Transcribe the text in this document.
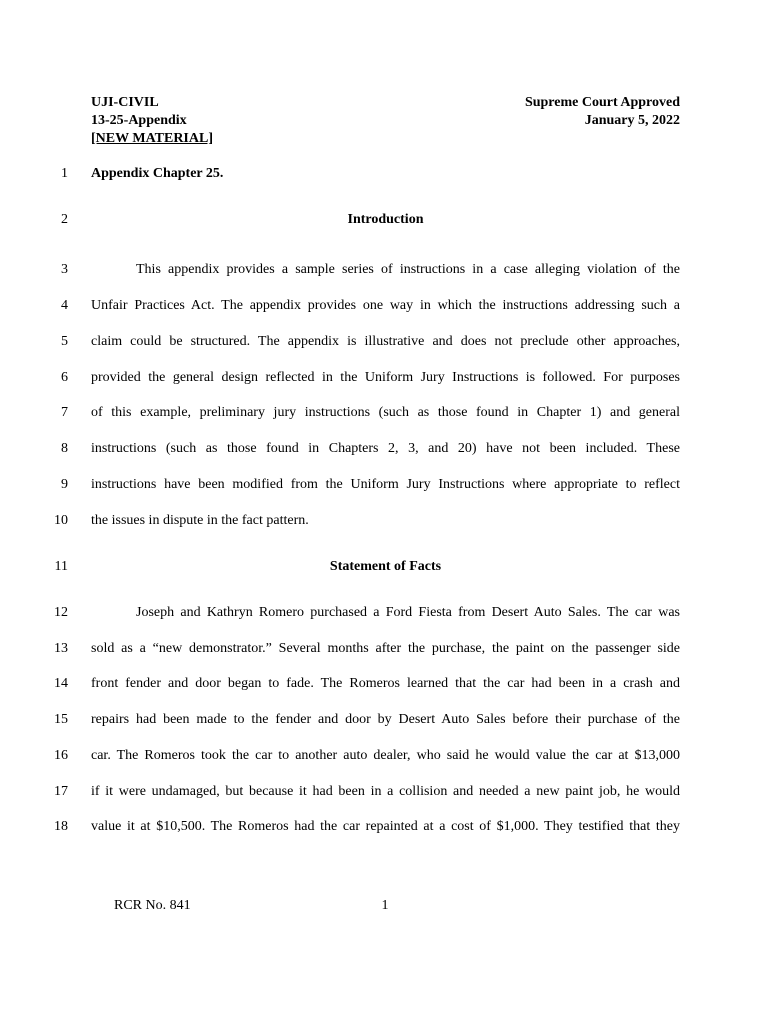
UJI-CIVIL
13-25-Appendix
[NEW MATERIAL]
Supreme Court Approved
January 5, 2022
1 Appendix Chapter 25.
2	Introduction
3	This appendix provides a sample series of instructions in a case alleging violation of the
4 Unfair Practices Act. The appendix provides one way in which the instructions addressing such a
5 claim could be structured. The appendix is illustrative and does not preclude other approaches,
6 provided the general design reflected in the Uniform Jury Instructions is followed. For purposes
7 of this example, preliminary jury instructions (such as those found in Chapter 1) and general
8 instructions (such as those found in Chapters 2, 3, and 20) have not been included. These
9 instructions have been modified from the Uniform Jury Instructions where appropriate to reflect
10 the issues in dispute in the fact pattern.
11	Statement of Facts
12	Joseph and Kathryn Romero purchased a Ford Fiesta from Desert Auto Sales. The car was
13 sold as a “new demonstrator.” Several months after the purchase, the paint on the passenger side
14 front fender and door began to fade. The Romeros learned that the car had been in a crash and
15 repairs had been made to the fender and door by Desert Auto Sales before their purchase of the
16 car. The Romeros took the car to another auto dealer, who said he would value the car at $13,000
17 if it were undamaged, but because it had been in a collision and needed a new paint job, he would
18 value it at $10,500. The Romeros had the car repainted at a cost of $1,000. They testified that they
RCR No. 841	1
